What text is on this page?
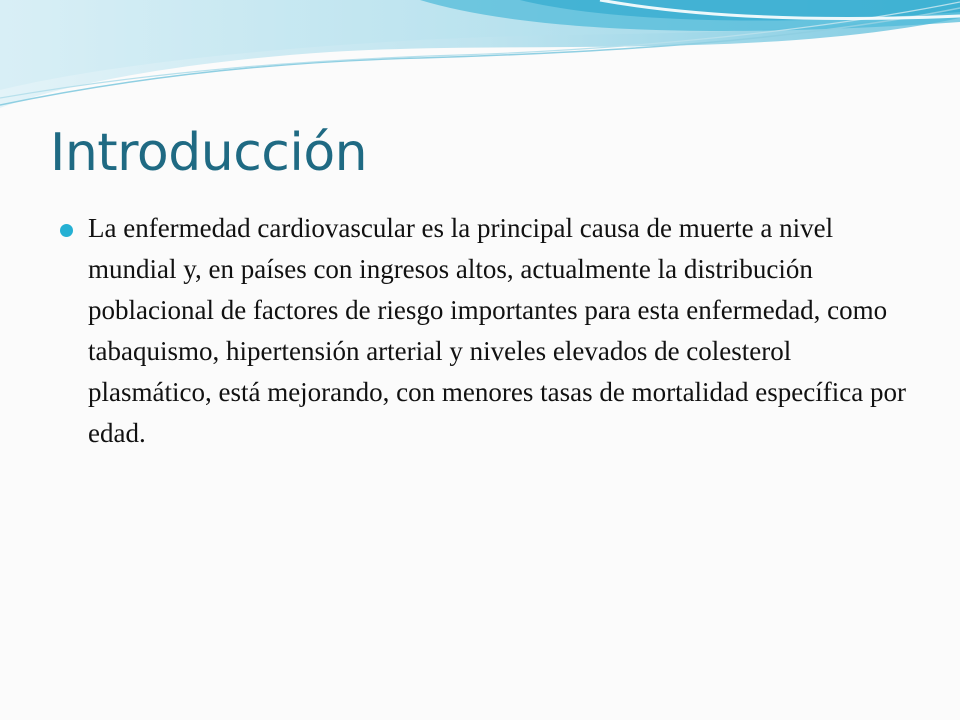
Introducción

La enfermedad cardiovascular es la principal causa de muerte a nivel mundial y, en países con ingresos altos, actualmente la distribución poblacional de factores de riesgo importantes para esta enfermedad, como tabaquismo, hipertensión arterial y niveles elevados de colesterol plasmático, está mejorando, con menores tasas de mortalidad específica por edad.
